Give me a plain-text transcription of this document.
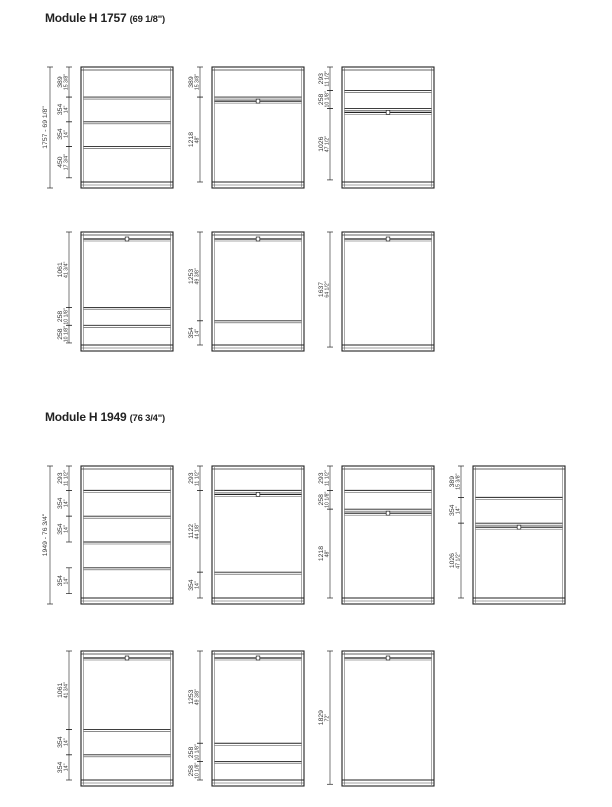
Module H 1757 (69 1/8")
Module H 1949 (76 3/4")
389 15 3/8"
354 14"
354 14"
450 17 3/4"
1757 - 69 1/8"
389 15 3/8"
1218 48"
293 11 1/2"
258 10 1/8"
1026 47 1/2"
1061 41 3/4"
258 10 1/8"
258 10 1/8"
1253 49 3/8"
354 14"
1637 64 1/2"
293 11 1/2"
354 14"
354 14"
354 14"
1949 - 76 3/4"
293 11 1/2"
1122 44 1/8"
354 14"
293 11 1/2"
258 10 1/8"
1218 48"
389 15 3/8"
354 14"
1026 47 1/2"
1061 41 3/4"
354 14"
354 14"
1253 49 3/8"
258 10 1/8"
258 10 1/8"
1829 72"
